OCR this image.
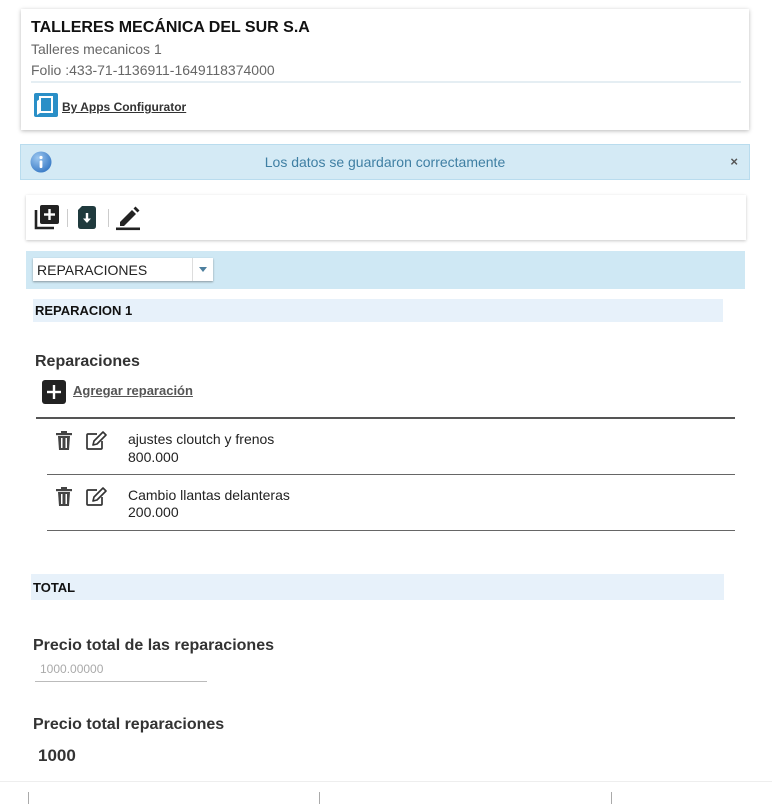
TALLERES MECÁNICA DEL SUR S.A
Talleres mecanicos 1
Folio :433-71-1136911-1649118374000
By Apps Configurator
Los datos se guardaron correctamente	×
REPARACIONES
REPARACION 1
Reparaciones
Agregar reparación
ajustes cloutch y frenos
800.000
Cambio llantas delanteras
200.000
TOTAL
Precio total de las reparaciones
1000.00000
Precio total reparaciones
1000
